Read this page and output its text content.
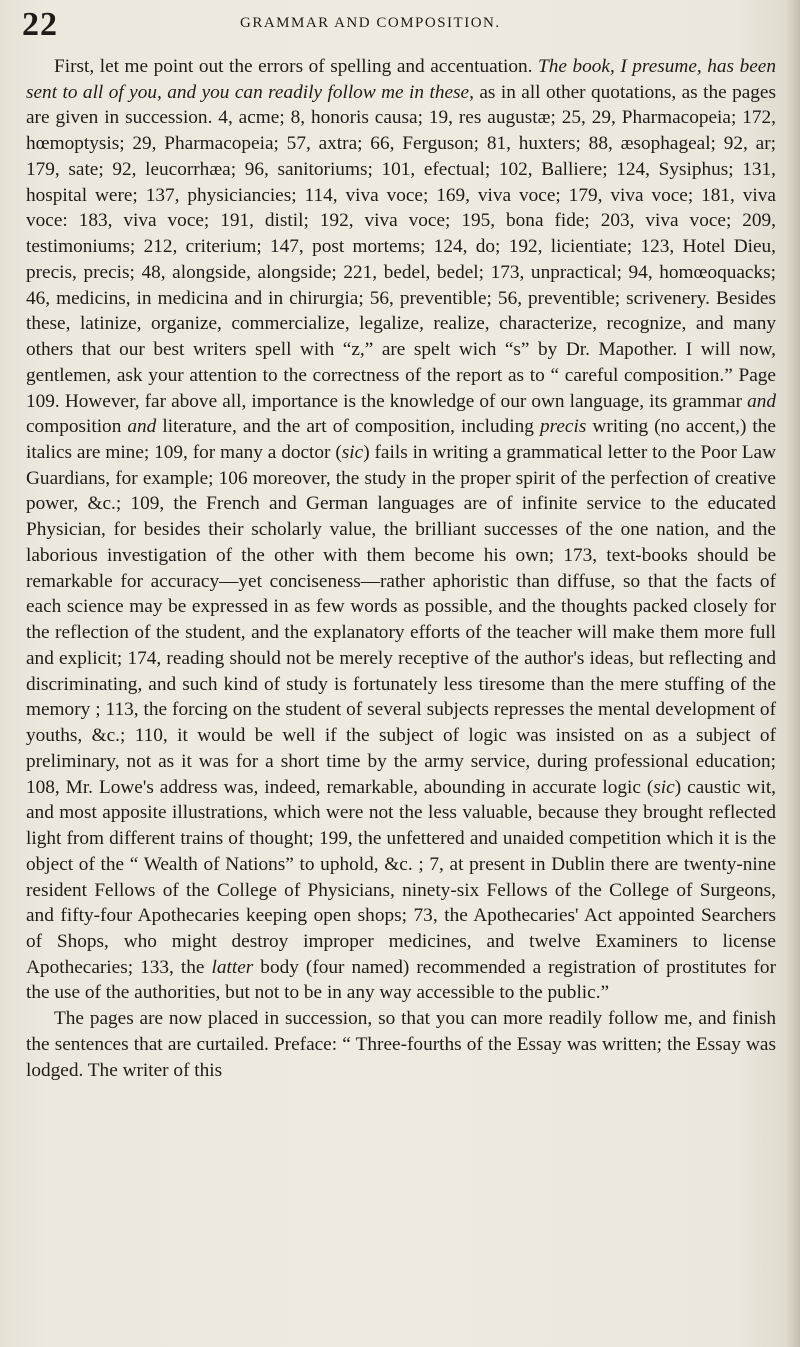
22	GRAMMAR AND COMPOSITION.

First, let me point out the errors of spelling and accentuation. The book, I presume, has been sent to all of you, and you can readily follow me in these, as in all other quotations, as the pages are given in succession. 4, acme; 8, honoris causa; 19, res augustæ; 25, 29, Pharmacopeia; 172, hœmoptysis; 29, Pharmacopeia; 57, axtra; 66, Ferguson; 81, huxters; 88, æsophageal; 92, ar; 179, sate; 92, leucorrhæa; 96, sanitoriums; 101, efectual; 102, Balliere; 124, Sysiphus; 131, hospital were; 137, physiciancies; 114, viva voce; 169, viva voce; 179, viva voce; 181, viva voce: 183, viva voce; 191, distil; 192, viva voce; 195, bona fide; 203, viva voce; 209, testimoniums; 212, criterium; 147, post mortems; 124, do; 192, licientiate; 123, Hotel Dieu, precis, precis; 48, alongside, alongside; 221, bedel, bedel; 173, unpractical; 94, homœoquacks; 46, medicins, in medicina and in chirurgia; 56, preventible; 56, preventible; scrivenery. Besides these, latinize, organize, commercialize, legalize, realize, characterize, recognize, and many others that our best writers spell with “z,” are spelt wich “s” by Dr. Mapother. I will now, gentlemen, ask your attention to the correctness of the report as to “ careful composition.” Page 109. However, far above all, importance is the knowledge of our own language, its grammar and composition and literature, and the art of composition, including precis writing (no accent,) the italics are mine; 109, for many a doctor (sic) fails in writing a grammatical letter to the Poor Law Guardians, for example; 106 moreover, the study in the proper spirit of the perfection of creative power, &c.; 109, the French and German languages are of infinite service to the educated Physician, for besides their scholarly value, the brilliant successes of the one nation, and the laborious investigation of the other with them become his own; 173, text-books should be remarkable for accuracy—yet conciseness—rather aphoristic than diffuse, so that the facts of each science may be expressed in as few words as possible, and the thoughts packed closely for the reflection of the student, and the explanatory efforts of the teacher will make them more full and explicit; 174, reading should not be merely receptive of the author's ideas, but reflecting and discriminating, and such kind of study is fortunately less tiresome than the mere stuffing of the memory ; 113, the forcing on the student of several subjects represses the mental development of youths, &c.; 110, it would be well if the subject of logic was insisted on as a subject of preliminary, not as it was for a short time by the army service, during professional education; 108, Mr. Lowe's address was, indeed, remarkable, abounding in accurate logic (sic) caustic wit, and most apposite illustrations, which were not the less valuable, because they brought reflected light from different trains of thought; 199, the unfettered and unaided competition which it is the object of the “ Wealth of Nations” to uphold, &c. ; 7, at present in Dublin there are twenty-nine resident Fellows of the College of Physicians, ninety-six Fellows of the College of Surgeons, and fifty-four Apothecaries keeping open shops; 73, the Apothecaries' Act appointed Searchers of Shops, who might destroy improper medicines, and twelve Examiners to license Apothecaries; 133, the latter body (four named) recommended a registration of prostitutes for the use of the authorities, but not to be in any way accessible to the public.”

The pages are now placed in succession, so that you can more readily follow me, and finish the sentences that are curtailed. Preface: “ Three-fourths of the Essay was written; the Essay was lodged. The writer of this
